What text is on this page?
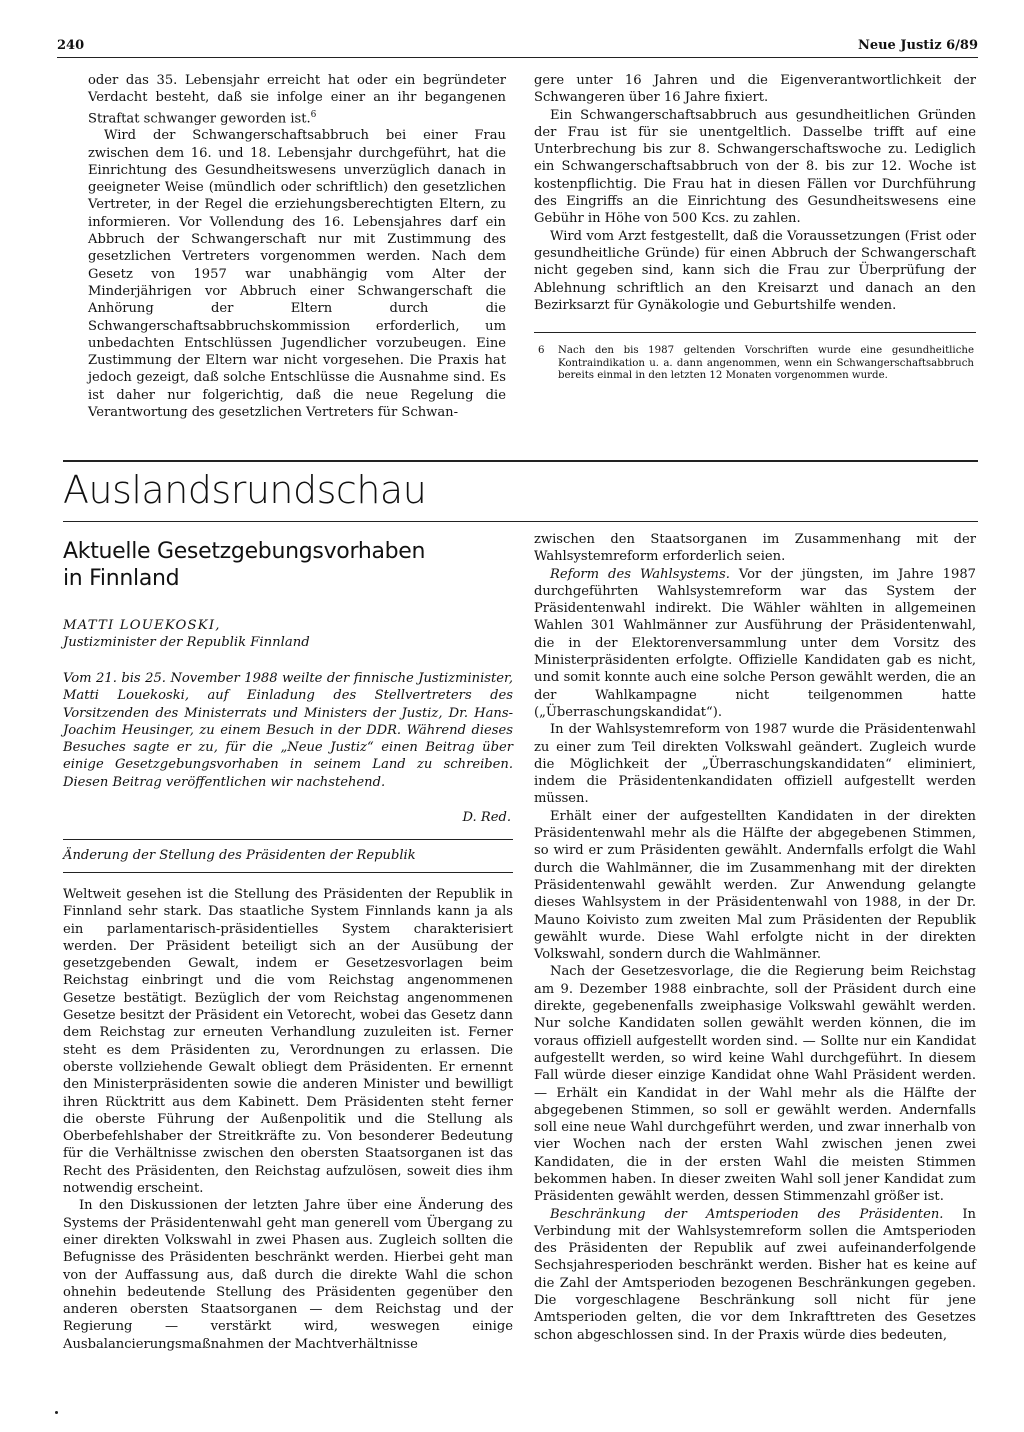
240	Neue Justiz 6/89

oder das 35. Lebensjahr erreicht hat oder ein begründeter Verdacht besteht, daß sie infolge einer an ihr begangenen Straftat schwanger geworden ist.$^6$

Wird der Schwangerschaftsabbruch bei einer Frau zwischen dem 16. und 18. Lebensjahr durchgeführt, hat die Einrichtung des Gesundheitswesens unverzüglich danach in geeigneter Weise (mündlich oder schriftlich) den gesetzlichen Vertreter, in der Regel die erziehungsberechtigten Eltern, zu informieren. Vor Vollendung des 16. Lebensjahres darf ein Abbruch der Schwangerschaft nur mit Zustimmung des gesetzlichen Vertreters vorgenommen werden. Nach dem Gesetz von 1957 war unabhängig vom Alter der Minderjährigen vor Abbruch einer Schwangerschaft die Anhörung der Eltern durch die Schwangerschaftsabbruchskommission erforderlich, um unbedachten Entschlüssen Jugendlicher vorzubeugen. Eine Zustimmung der Eltern war nicht vorgesehen. Die Praxis hat jedoch gezeigt, daß solche Entschlüsse die Ausnahme sind. Es ist daher nur folgerichtig, daß die neue Regelung die Verantwortung des gesetzlichen Vertreters für Schwan-

gere unter 16 Jahren und die Eigenverantwortlichkeit der Schwangeren über 16 Jahre fixiert.

Ein Schwangerschaftsabbruch aus gesundheitlichen Gründen der Frau ist für sie unentgeltlich. Dasselbe trifft auf eine Unterbrechung bis zur 8. Schwangerschaftswoche zu. Lediglich ein Schwangerschaftsabbruch von der 8. bis zur 12. Woche ist kostenpflichtig. Die Frau hat in diesen Fällen vor Durchführung des Eingriffs an die Einrichtung des Gesundheitswesens eine Gebühr in Höhe von 500 Kcs. zu zahlen.

Wird vom Arzt festgestellt, daß die Voraussetzungen (Frist oder gesundheitliche Gründe) für einen Abbruch der Schwangerschaft nicht gegeben sind, kann sich die Frau zur Überprüfung der Ablehnung schriftlich an den Kreisarzt und danach an den Bezirksarzt für Gynäkologie und Geburtshilfe wenden.

6	Nach den bis 1987 geltenden Vorschriften wurde eine gesundheitliche Kontraindikation u. a. dann angenommen, wenn ein Schwangerschaftsabbruch bereits einmal in den letzten 12 Monaten vorgenommen wurde.
Auslandsrundschau
Aktuelle Gesetzgebungsvorhaben
in Finnland
MATTI LOUEKOSKI,
Justizminister der Republik Finnland
Vom 21. bis 25. November 1988 weilte der finnische Justizminister, Matti Louekoski, auf Einladung des Stellvertreters des Vorsitzenden des Ministerrats und Ministers der Justiz, Dr. Hans-Joachim Heusinger, zu einem Besuch in der DDR. Während dieses Besuches sagte er zu, für die „Neue Justiz“ einen Beitrag über einige Gesetzgebungsvorhaben in seinem Land zu schreiben. Diesen Beitrag veröffentlichen wir nachstehend.
D. Red.
Änderung der Stellung des Präsidenten der Republik

Weltweit gesehen ist die Stellung des Präsidenten der Republik in Finnland sehr stark. Das staatliche System Finnlands kann ja als ein parlamentarisch-präsidentielles System charakterisiert werden. Der Präsident beteiligt sich an der Ausübung der gesetzgebenden Gewalt, indem er Gesetzesvorlagen beim Reichstag einbringt und die vom Reichstag angenommenen Gesetze bestätigt. Bezüglich der vom Reichstag angenommenen Gesetze besitzt der Präsident ein Vetorecht, wobei das Gesetz dann dem Reichstag zur erneuten Verhandlung zuzuleiten ist. Ferner steht es dem Präsidenten zu, Verordnungen zu erlassen. Die oberste vollziehende Gewalt obliegt dem Präsidenten. Er ernennt den Ministerpräsidenten sowie die anderen Minister und bewilligt ihren Rücktritt aus dem Kabinett. Dem Präsidenten steht ferner die oberste Führung der Außenpolitik und die Stellung als Oberbefehlshaber der Streitkräfte zu. Von besonderer Bedeutung für die Verhältnisse zwischen den obersten Staatsorganen ist das Recht des Präsidenten, den Reichstag aufzulösen, soweit dies ihm notwendig erscheint.

In den Diskussionen der letzten Jahre über eine Änderung des Systems der Präsidentenwahl geht man generell vom Übergang zu einer direkten Volkswahl in zwei Phasen aus. Zugleich sollten die Befugnisse des Präsidenten beschränkt werden. Hierbei geht man von der Auffassung aus, daß durch die direkte Wahl die schon ohnehin bedeutende Stellung des Präsidenten gegenüber den anderen obersten Staatsorganen — dem Reichstag und der Regierung — verstärkt wird, weswegen einige Ausbalancierungsmaßnahmen der Machtverhältnisse

zwischen den Staatsorganen im Zusammenhang mit der Wahlsystemreform erforderlich seien.

Reform des Wahlsystems. Vor der jüngsten, im Jahre 1987 durchgeführten Wahlsystemreform war das System der Präsidentenwahl indirekt. Die Wähler wählten in allgemeinen Wahlen 301 Wahlmänner zur Ausführung der Präsidentenwahl, die in der Elektorenversammlung unter dem Vorsitz des Ministerpräsidenten erfolgte. Offizielle Kandidaten gab es nicht, und somit konnte auch eine solche Person gewählt werden, die an der Wahlkampagne nicht teilgenommen hatte („Überraschungskandidat“).

In der Wahlsystemreform von 1987 wurde die Präsidentenwahl zu einer zum Teil direkten Volkswahl geändert. Zugleich wurde die Möglichkeit der „Überraschungskandidaten“ eliminiert, indem die Präsidentenkandidaten offiziell aufgestellt werden müssen.

Erhält einer der aufgestellten Kandidaten in der direkten Präsidentenwahl mehr als die Hälfte der abgegebenen Stimmen, so wird er zum Präsidenten gewählt. Andernfalls erfolgt die Wahl durch die Wahlmänner, die im Zusammenhang mit der direkten Präsidentenwahl gewählt werden. Zur Anwendung gelangte dieses Wahlsystem in der Präsidentenwahl von 1988, in der Dr. Mauno Koivisto zum zweiten Mal zum Präsidenten der Republik gewählt wurde. Diese Wahl erfolgte nicht in der direkten Volkswahl, sondern durch die Wahlmänner.

Nach der Gesetzesvorlage, die die Regierung beim Reichstag am 9. Dezember 1988 einbrachte, soll der Präsident durch eine direkte, gegebenenfalls zweiphasige Volkswahl gewählt werden. Nur solche Kandidaten sollen gewählt werden können, die im voraus offiziell aufgestellt worden sind. — Sollte nur ein Kandidat aufgestellt werden, so wird keine Wahl durchgeführt. In diesem Fall würde dieser einzige Kandidat ohne Wahl Präsident werden. — Erhält ein Kandidat in der Wahl mehr als die Hälfte der abgegebenen Stimmen, so soll er gewählt werden. Andernfalls soll eine neue Wahl durchgeführt werden, und zwar innerhalb von vier Wochen nach der ersten Wahl zwischen jenen zwei Kandidaten, die in der ersten Wahl die meisten Stimmen bekommen haben. In dieser zweiten Wahl soll jener Kandidat zum Präsidenten gewählt werden, dessen Stimmenzahl größer ist.

Beschränkung der Amtsperioden des Präsidenten. In Verbindung mit der Wahlsystemreform sollen die Amtsperioden des Präsidenten der Republik auf zwei aufeinanderfolgende Sechsjahresperioden beschränkt werden. Bisher hat es keine auf die Zahl der Amtsperioden bezogenen Beschränkungen gegeben. Die vorgeschlagene Beschränkung soll nicht für jene Amtsperioden gelten, die vor dem Inkrafttreten des Gesetzes schon abgeschlossen sind. In der Praxis würde dies bedeuten,
